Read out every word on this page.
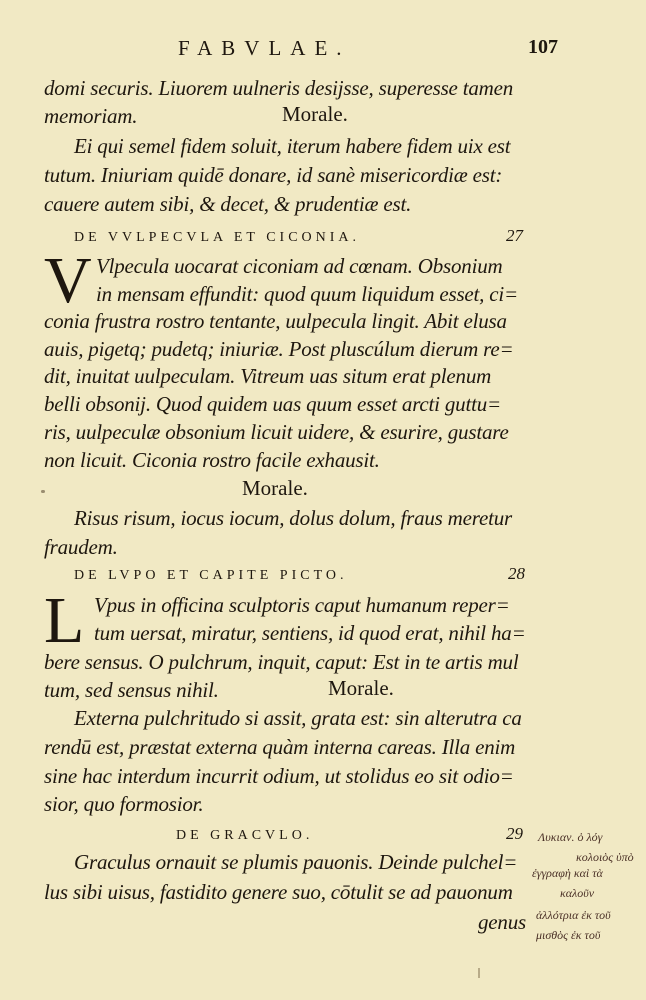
FABVLAE.	107
domi securis. Liuorem uulneris desijsse, superesse tamen
memoriam.	Morale.
Ei qui semel fidem soluit, iterum habere fidem uix est
tutum. Iniuriam quidē donare, id sanè misericordiæ est:
cauere autem sibi, & decet, & prudentiæ est.
DE VVLPECVLA ET CICONIA.	27
V Vlpecula uocarat ciconiam ad cœnam. Obsonium
in mensam effundit: quod quum liquidum esset, ci=
conia frustra rostro tentante, uulpecula lingit. Abit elusa
auis, pigetq; pudetq; iniuriæ. Post pluscúlum dierum re=
dit, inuitat uulpeculam. Vitreum uas situm erat plenum
belli obsonij. Quod quidem uas quum esset arcti guttu=
ris, uulpeculæ obsonium licuit uidere, & esurire, gustare
non licuit. Ciconia rostro facile exhausit.
Morale.
Risus risum, iocus iocum, dolus dolum, fraus meretur
fraudem.
DE LVPO ET CAPITE PICTO.	28
L Vpus in officina sculptoris caput humanum reper=
tum uersat, miratur, sentiens, id quod erat, nihil ha=
bere sensus. O pulchrum, inquit, caput: Est in te artis mul
tum, sed sensus nihil.	Morale.
Externa pulchritudo si assit, grata est: sin alterutra ca
rendū est, præstat externa quàm interna careas. Illa enim
sine hac interdum incurrit odium, ut stolidus eo sit odio=
sior, quo formosior.
DE GRACVLO.	29
Graculus ornauit se plumis pauonis. Deinde pulchel=
lus sibi uisus, fastidito genere suo, cōtulit se ad pauonum
genus
Λυκιαν. ὁ λόγ
κολοιὸς ὑπὸ
ἐγγραφὴ καὶ τὰ
καλοῦν
ἀλλότρια ἐκ τοῦ
μισθὸς ἐκ τοῦ
